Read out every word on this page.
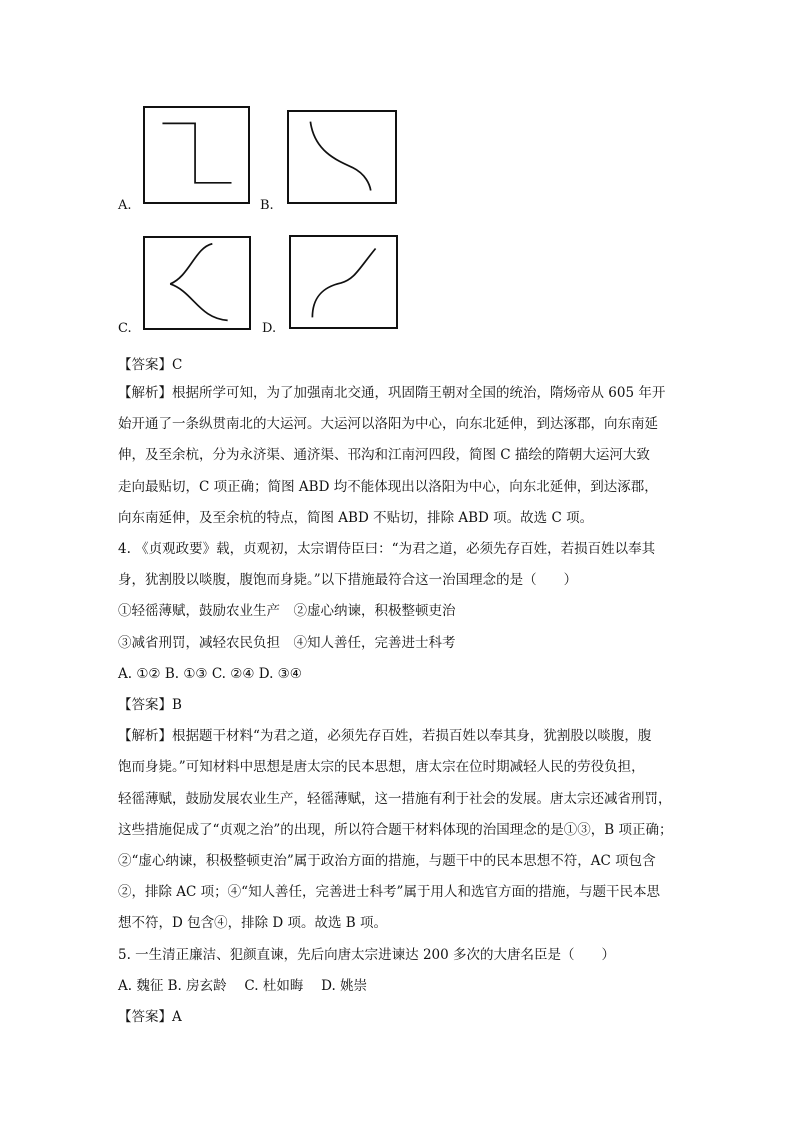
A.	B.
C.	D.
【答案】C
【解析】根据所学可知，为了加强南北交通，巩固隋王朝对全国的统治，隋炀帝从 605 年开
始开通了一条纵贯南北的大运河。大运河以洛阳为中心，向东北延伸，到达涿郡，向东南延
伸，及至余杭，分为永济渠、通济渠、邗沟和江南河四段，简图 C 描绘的隋朝大运河大致
走向最贴切，C 项正确；简图 ABD 均不能体现出以洛阳为中心，向东北延伸，到达涿郡，
向东南延伸，及至余杭的特点，简图 ABD 不贴切，排除 ABD 项。故选 C 项。
4. 《贞观政要》载，贞观初，太宗谓侍臣曰：“为君之道，必须先存百姓，若损百姓以奉其
身，犹割股以啖腹，腹饱而身毙。”以下措施最符合这一治国理念的是（　　）
①轻徭薄赋，鼓励农业生产　②虚心纳谏，积极整顿吏治
③减省刑罚，减轻农民负担　④知人善任，完善进士科考
A. ①② B. ①③ C. ②④ D. ③④
【答案】B
【解析】根据题干材料“为君之道，必须先存百姓，若损百姓以奉其身，犹割股以啖腹，腹
饱而身毙。”可知材料中思想是唐太宗的民本思想，唐太宗在位时期减轻人民的劳役负担，
轻徭薄赋，鼓励发展农业生产，轻徭薄赋，这一措施有利于社会的发展。唐太宗还减省刑罚，
这些措施促成了“贞观之治”的出现，所以符合题干材料体现的治国理念的是①③，B 项正确；
②“虚心纳谏，积极整顿吏治”属于政治方面的措施，与题干中的民本思想不符，AC 项包含
②，排除 AC 项；④“知人善任，完善进士科考”属于用人和选官方面的措施，与题干民本思
想不符，D 包含④，排除 D 项。故选 B 项。
5. 一生清正廉洁、犯颜直谏，先后向唐太宗进谏达 200 多次的大唐名臣是（　　）
A. 魏征 B. 房玄龄　 C. 杜如晦　 D. 姚崇
【答案】A
